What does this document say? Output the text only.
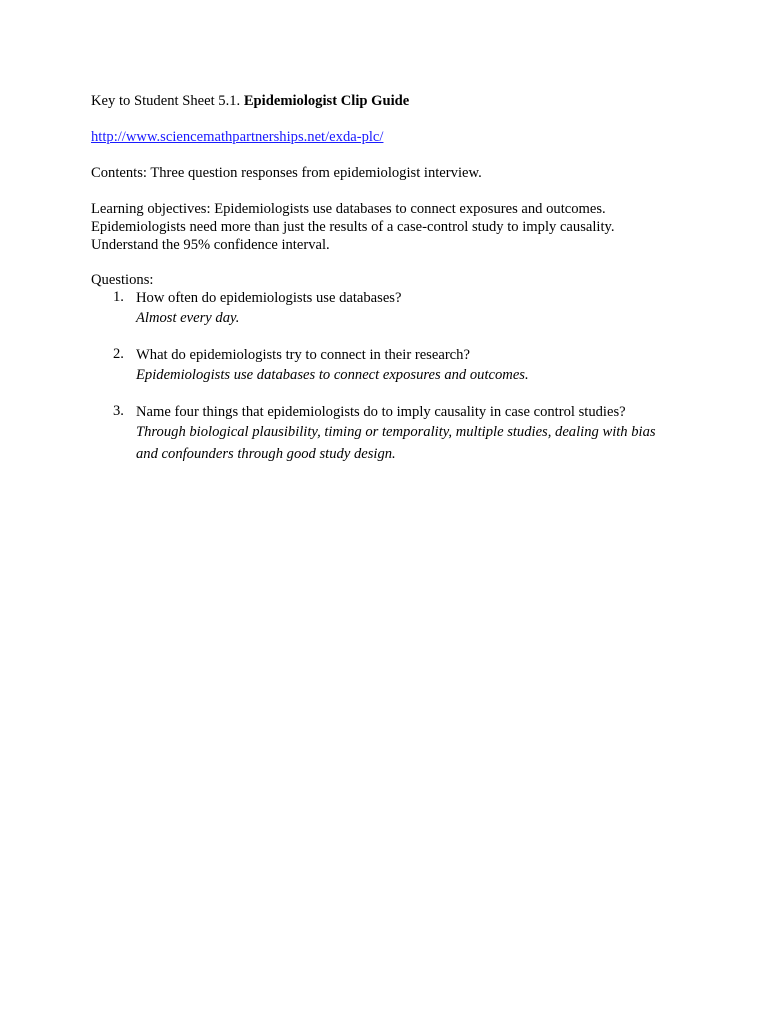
Key to Student Sheet 5.1. Epidemiologist Clip Guide
http://www.sciencemathpartnerships.net/exda-plc/
Contents: Three question responses from epidemiologist interview.
Learning objectives: Epidemiologists use databases to connect exposures and outcomes.
Epidemiologists need more than just the results of a case-control study to imply causality.
Understand the 95% confidence interval.
Questions:
1. How often do epidemiologists use databases?
Almost every day.
2. What do epidemiologists try to connect in their research?
Epidemiologists use databases to connect exposures and outcomes.
3. Name four things that epidemiologists do to imply causality in case control studies?
Through biological plausibility, timing or temporality, multiple studies, dealing with bias
and confounders through good study design.
